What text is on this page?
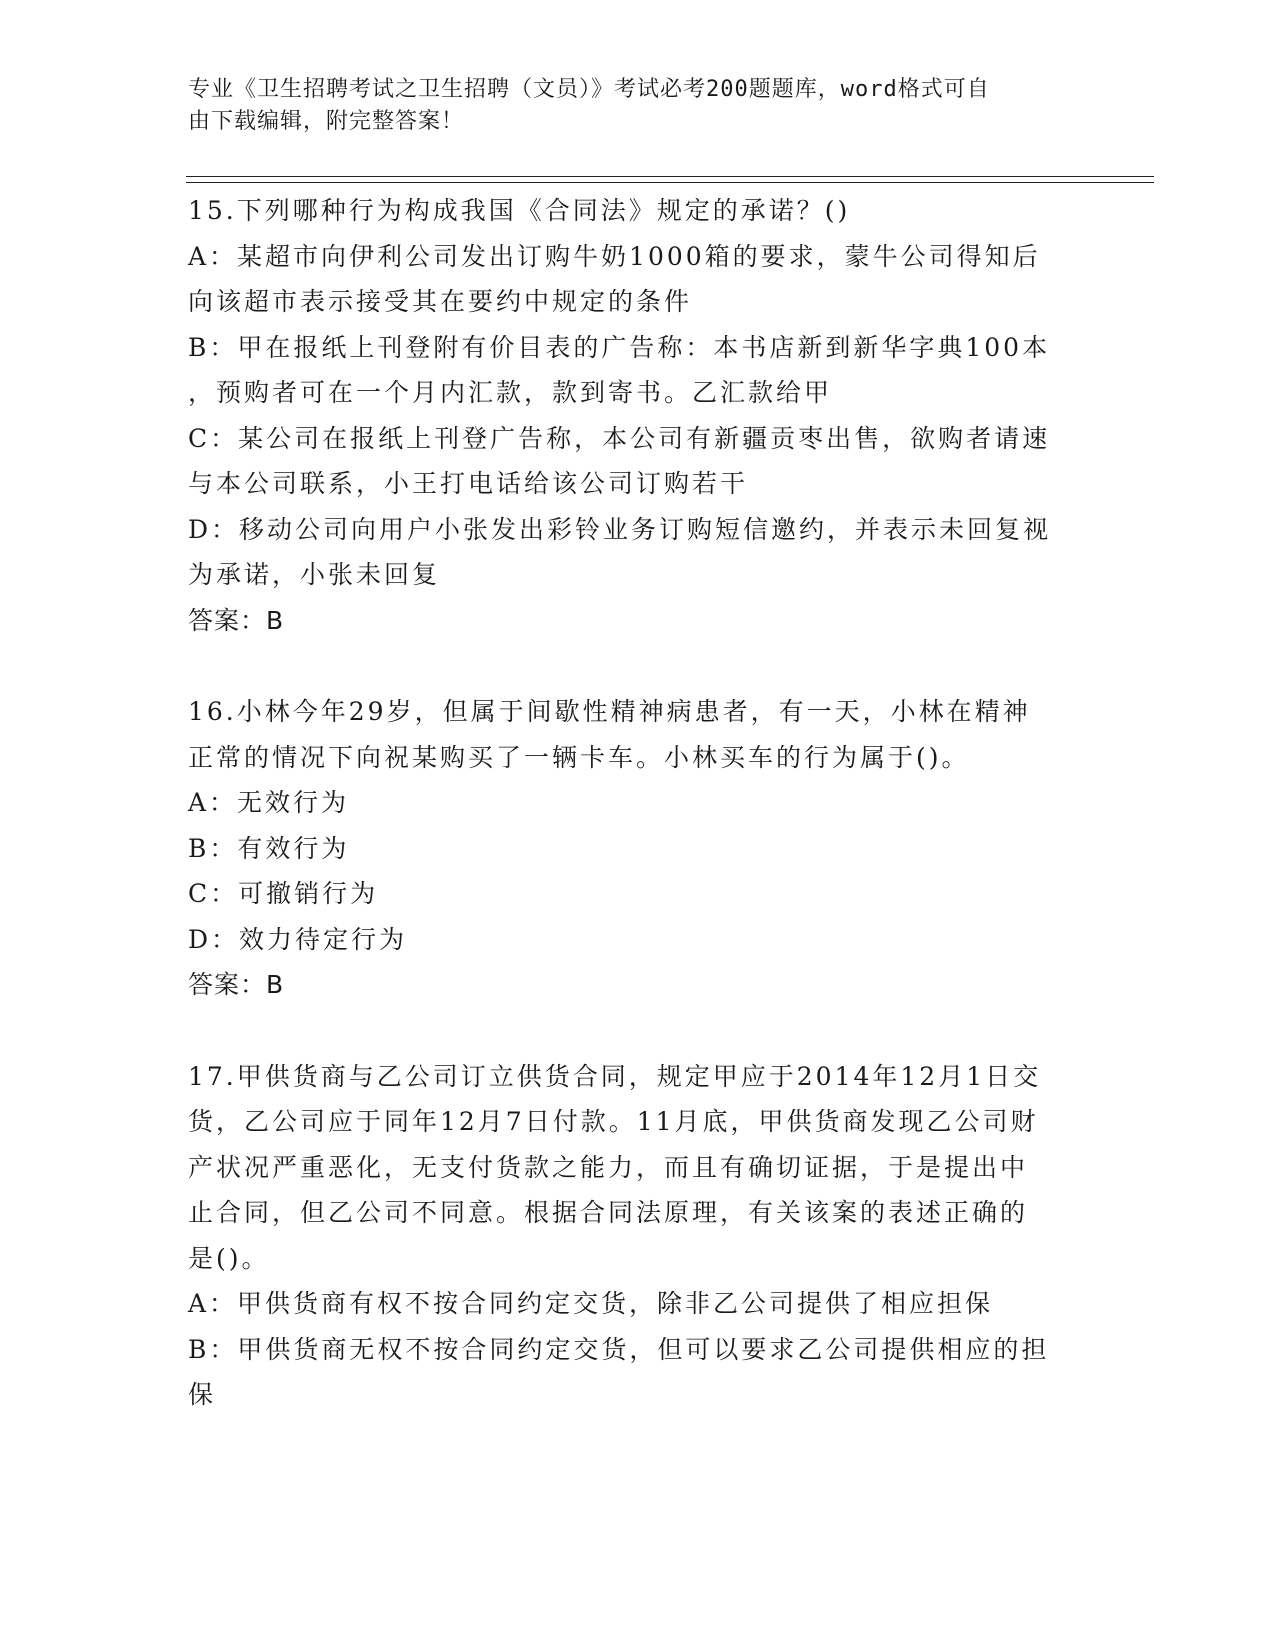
专业《卫生招聘考试之卫生招聘（文员）》考试必考200题题库，word格式可自
由下载编辑，附完整答案！
15.下列哪种行为构成我国《合同法》规定的承诺？()
A：某超市向伊利公司发出订购牛奶1000箱的要求，蒙牛公司得知后
向该超市表示接受其在要约中规定的条件
B：甲在报纸上刊登附有价目表的广告称：本书店新到新华字典100本
，预购者可在一个月内汇款，款到寄书。乙汇款给甲
C：某公司在报纸上刊登广告称，本公司有新疆贡枣出售，欲购者请速
与本公司联系，小王打电话给该公司订购若干
D：移动公司向用户小张发出彩铃业务订购短信邀约，并表示未回复视
为承诺，小张未回复
答案：B
16.小林今年29岁，但属于间歇性精神病患者，有一天，小林在精神
正常的情况下向祝某购买了一辆卡车。小林买车的行为属于()。
A：无效行为
B：有效行为
C：可撤销行为
D：效力待定行为
答案：B
17.甲供货商与乙公司订立供货合同，规定甲应于2014年12月1日交
货，乙公司应于同年12月7日付款。11月底，甲供货商发现乙公司财
产状况严重恶化，无支付货款之能力，而且有确切证据，于是提出中
止合同，但乙公司不同意。根据合同法原理，有关该案的表述正确的
是()。
A：甲供货商有权不按合同约定交货，除非乙公司提供了相应担保
B：甲供货商无权不按合同约定交货，但可以要求乙公司提供相应的担
保
